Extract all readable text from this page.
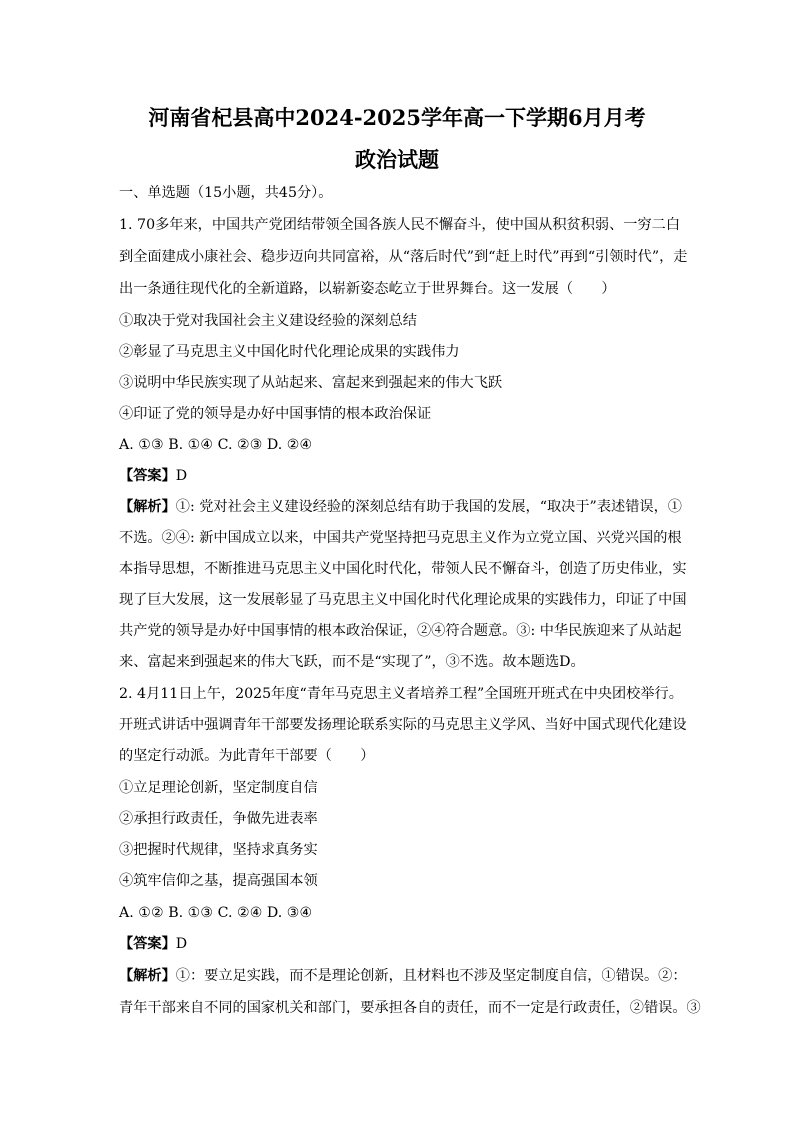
河南省杞县高中2024-2025学年高一下学期6月月考
政治试题
一、单选题（15小题，共45分）。
1. 70多年来，中国共产党团结带领全国各族人民不懈奋斗，使中国从积贫积弱、一穷二白
到全面建成小康社会、稳步迈向共同富裕，从“落后时代”到“赶上时代”再到“引领时代”，走
出一条通往现代化的全新道路，以崭新姿态屹立于世界舞台。这一发展（　　）
①取决于党对我国社会主义建设经验的深刻总结
②彰显了马克思主义中国化时代化理论成果的实践伟力
③说明中华民族实现了从站起来、富起来到强起来的伟大飞跃
④印证了党的领导是办好中国事情的根本政治保证
A. ①③ B. ①④ C. ②③ D. ②④
【答案】D
【解析】①: 党对社会主义建设经验的深刻总结有助于我国的发展，“取决于”表述错误，①
不选。②④: 新中国成立以来，中国共产党坚持把马克思主义作为立党立国、兴党兴国的根
本指导思想，不断推进马克思主义中国化时代化，带领人民不懈奋斗，创造了历史伟业，实
现了巨大发展，这一发展彰显了马克思主义中国化时代化理论成果的实践伟力，印证了中国
共产党的领导是办好中国事情的根本政治保证，②④符合题意。③: 中华民族迎来了从站起
来、富起来到强起来的伟大飞跃，而不是“实现了”，③不选。故本题选D。
2. 4月11日上午，2025年度“青年马克思主义者培养工程”全国班开班式在中央团校举行。
开班式讲话中强调青年干部要发扬理论联系实际的马克思主义学风、当好中国式现代化建设
的坚定行动派。为此青年干部要（　　）
①立足理论创新，坚定制度自信
②承担行政责任，争做先进表率
③把握时代规律，坚持求真务实
④筑牢信仰之基，提高强国本领
A. ①② B. ①③ C. ②④ D. ③④
【答案】D
【解析】①：要立足实践，而不是理论创新，且材料也不涉及坚定制度自信，①错误。②：
青年干部来自不同的国家机关和部门，要承担各自的责任，而不一定是行政责任，②错误。③
